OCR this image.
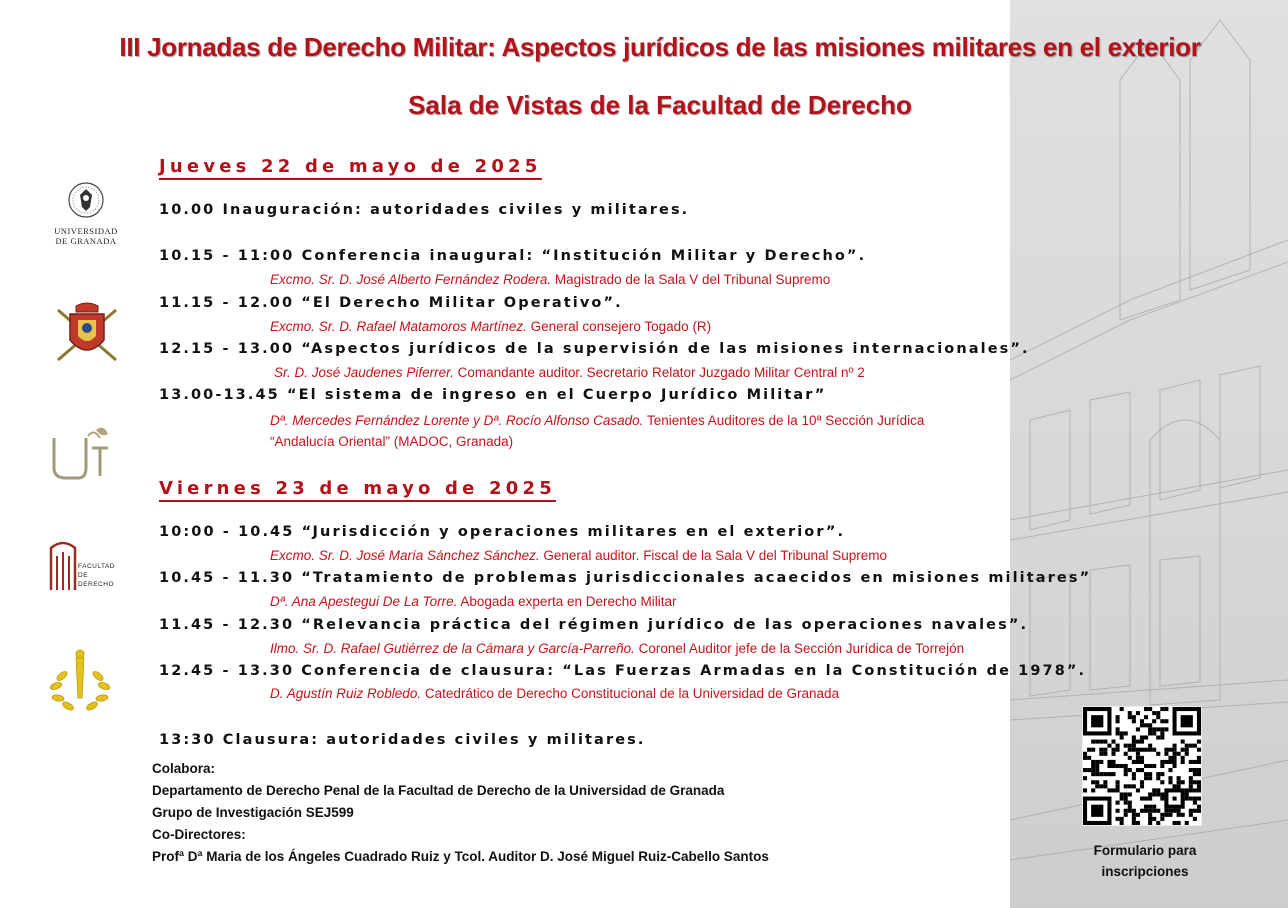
III Jornadas de Derecho Militar: Aspectos jurídicos de las misiones militares en el exterior
Sala de Vistas de la Facultad de Derecho
Jueves 22 de mayo de 2025
10.00 Inauguración: autoridades civiles y militares.
10.15 - 11:00 Conferencia inaugural: “Institución Militar y Derecho”.
Excmo. Sr. D. José Alberto Fernández Rodera. Magistrado de la Sala V del Tribunal Supremo
11.15 - 12.00 “El Derecho Militar Operativo”.
Excmo. Sr. D. Rafael Matamoros Martínez. General consejero Togado (R)
12.15 - 13.00 “Aspectos jurídicos de la supervisión de las misiones internacionales”.
Sr. D. José Jaudenes Piferrer. Comandante auditor. Secretario Relator Juzgado Militar Central nº 2
13.00-13.45 “El sistema de ingreso en el Cuerpo Jurídico Militar”
Dª. Mercedes Fernández Lorente y Dª. Rocío Alfonso Casado. Tenientes Auditores de la 10ª Sección Jurídica “Andalucía Oriental” (MADOC, Granada)
Viernes 23 de mayo de 2025
10:00 - 10.45 “Jurisdicción y operaciones militares en el exterior”.
Excmo. Sr. D. José María Sánchez Sánchez. General auditor. Fiscal de la Sala V del Tribunal Supremo
10.45 - 11.30 “Tratamiento de problemas jurisdiccionales acaecidos en misiones militares”
Dª. Ana Apestegui De La Torre. Abogada experta en Derecho Militar
11.45 - 12.30 “Relevancia práctica del régimen jurídico de las operaciones navales”.
Ilmo. Sr. D. Rafael Gutiérrez de la Cámara y García-Parreño. Coronel Auditor jefe de la Sección Jurídica de Torrejón
12.45 - 13.30 Conferencia de clausura: “Las Fuerzas Armadas en la Constitución de 1978”.
D. Agustín Ruiz Robledo. Catedrático de Derecho Constitucional de la Universidad de Granada
13:30 Clausura: autoridades civiles y militares.
Colabora:
Departamento de Derecho Penal de la Facultad de Derecho de la Universidad de Granada
Grupo de Investigación SEJ599
Co-Directores:
Profª Dª Maria de los Ángeles Cuadrado Ruiz y Tcol. Auditor D. José Miguel Ruiz-Cabello Santos
UNIVERSIDAD
DE GRANADA
FACULTAD
DE DERECHO
Formulario para
inscripciones
